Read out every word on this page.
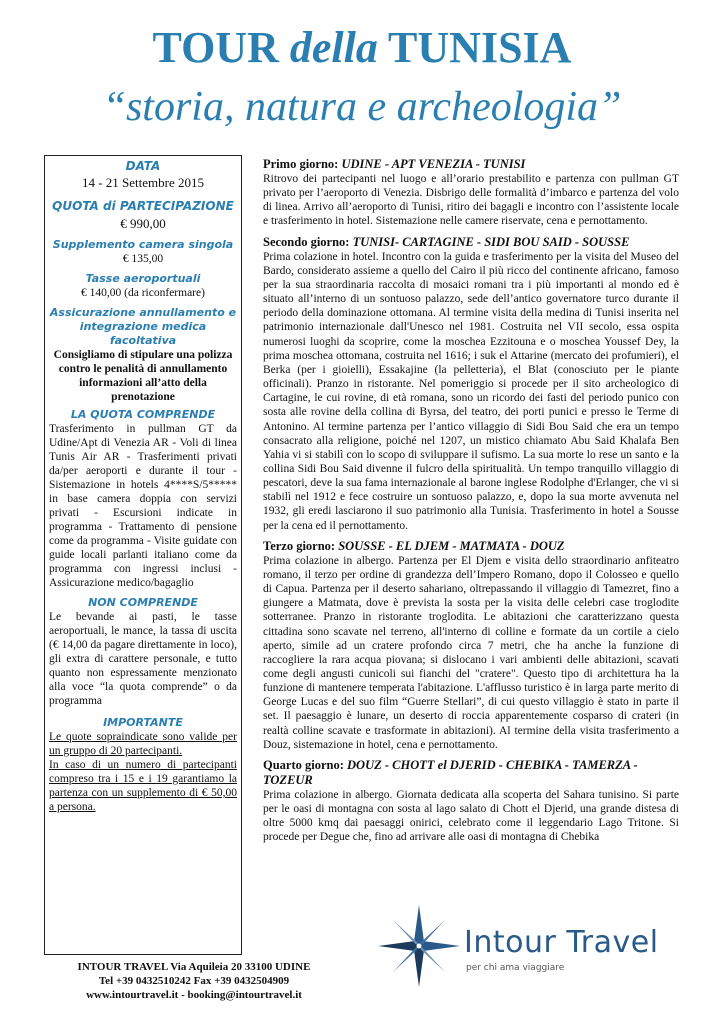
TOUR della TUNISIA
“storia, natura e archeologia”
DATA
14 - 21 Settembre 2015
QUOTA di PARTECIPAZIONE
€ 990,00
Supplemento camera singola
€ 135,00
Tasse aeroportuali
€ 140,00 (da riconfermare)
Assicurazione annullamento e integrazione medica facoltativa
Consigliamo di stipulare una polizza contro le penalità di annullamento informazioni all’atto della prenotazione
LA QUOTA COMPRENDE
Trasferimento in pullman GT da Udine/Apt di Venezia AR - Voli di linea Tunis Air AR - Trasferimenti privati da/per aeroporti e durante il tour - Sistemazione in hotels 4****S/5***** in base camera doppia con servizi privati - Escursioni indicate in programma - Trattamento di pensione come da programma - Visite guidate con guide locali parlanti italiano come da programma con ingressi inclusi - Assicurazione medico/bagaglio
NON COMPRENDE
Le bevande ai pasti, le tasse aeroportuali, le mance, la tassa di uscita (€ 14,00 da pagare direttamente in loco), gli extra di carattere personale, e tutto quanto non espressamente menzionato alla voce “la quota comprende” o da programma
IMPORTANTE
Le quote sopraindicate sono valide per un gruppo di 20 partecipanti.
In caso di un numero di partecipanti compreso tra i 15 e i 19 garantiamo la partenza con un supplemento di € 50,00 a persona.
Primo giorno: UDINE - APT VENEZIA - TUNISI
Ritrovo dei partecipanti nel luogo e all’orario prestabilito e partenza con pullman GT privato per l’aeroporto di Venezia. Disbrigo delle formalità d’imbarco e partenza del volo di linea. Arrivo all’aeroporto di Tunisi, ritiro dei bagagli e incontro con l’assistente locale e trasferimento in hotel. Sistemazione nelle camere riservate, cena e pernottamento.
Secondo giorno: TUNISI- CARTAGINE - SIDI BOU SAID - SOUSSE
Prima colazione in hotel. Incontro con la guida e trasferimento per la visita del Museo del Bardo, considerato assieme a quello del Cairo il più ricco del continente africano, famoso per la sua straordinaria raccolta di mosaici romani tra i più importanti al mondo ed è situato all’interno di un sontuoso palazzo, sede dell’antico governatore turco durante il periodo della dominazione ottomana. Al termine visita della medina di Tunisi inserita nel patrimonio internazionale dall'Unesco nel 1981. Costruita nel VII secolo, essa ospita numerosi luoghi da scoprire, come la moschea Ezzitouna e o moschea Youssef Dey, la prima moschea ottomana, costruita nel 1616; i suk el Attarine (mercato dei profumieri), el Berka (per i gioielli), Essakajine (la pelletteria), el Blat (conosciuto per le piante officinali). Pranzo in ristorante. Nel pomeriggio si procede per il sito archeologico di Cartagine, le cui rovine, di età romana, sono un ricordo dei fasti del periodo punico con sosta alle rovine della collina di Byrsa, del teatro, dei porti punici e presso le Terme di Antonino. Al termine partenza per l’antico villaggio di Sidi Bou Said che era un tempo consacrato alla religione, poiché nel 1207, un mistico chiamato Abu Said Khalafa Ben Yahia vi si stabilì con lo scopo di sviluppare il sufismo. La sua morte lo rese un santo e la collina Sidi Bou Said divenne il fulcro della spiritualità. Un tempo tranquillo villaggio di pescatori, deve la sua fama internazionale al barone inglese Rodolphe d'Erlanger, che vi si stabilì nel 1912 e fece costruire un sontuoso palazzo, e, dopo la sua morte avvenuta nel 1932, gli eredi lasciarono il suo patrimonio alla Tunisia. Trasferimento in hotel a Sousse per la cena ed il pernottamento.
Terzo giorno: SOUSSE - EL DJEM - MATMATA - DOUZ
Prima colazione in albergo. Partenza per El Djem e visita dello straordinario anfiteatro romano, il terzo per ordine di grandezza dell’Impero Romano, dopo il Colosseo e quello di Capua. Partenza per il deserto sahariano, oltrepassando il villaggio di Tamezret, fino a giungere a Matmata, dove è prevista la sosta per la visita delle celebri case troglodite sotterranee. Pranzo in ristorante troglodita. Le abitazioni che caratterizzano questa cittadina sono scavate nel terreno, all'interno di colline e formate da un cortile a cielo aperto, simile ad un cratere profondo circa 7 metri, che ha anche la funzione di raccogliere la rara acqua piovana; si dislocano i vari ambienti delle abitazioni, scavati come degli angusti cunicoli sui fianchi del "cratere". Questo tipo di architettura ha la funzione di mantenere temperata l'abitazione. L'afflusso turistico è in larga parte merito di George Lucas e del suo film “Guerre Stellari”, di cui questo villaggio è stato in parte il set. Il paesaggio è lunare, un deserto di roccia apparentemente cosparso di crateri (in realtà colline scavate e trasformate in abitazioni). Al termine della visita trasferimento a Douz, sistemazione in hotel, cena e pernottamento.
Quarto giorno: DOUZ - CHOTT el DJERID - CHEBIKA - TAMERZA - TOZEUR
Prima colazione in albergo. Giornata dedicata alla scoperta del Sahara tunisino. Si parte per le oasi di montagna con sosta al lago salato di Chott el Djerid, una grande distesa di oltre 5000 kmq dai paesaggi onirici, celebrato come il leggendario Lago Tritone. Si procede per Degue che, fino ad arrivare alle oasi di montagna di Chebika
INTOUR TRAVEL Via Aquileia 20 33100 UDINE
Tel +39 0432510242 Fax +39 0432504909
www.intourtravel.it - booking@intourtravel.it
Intour Travel
per chi ama viaggiare
